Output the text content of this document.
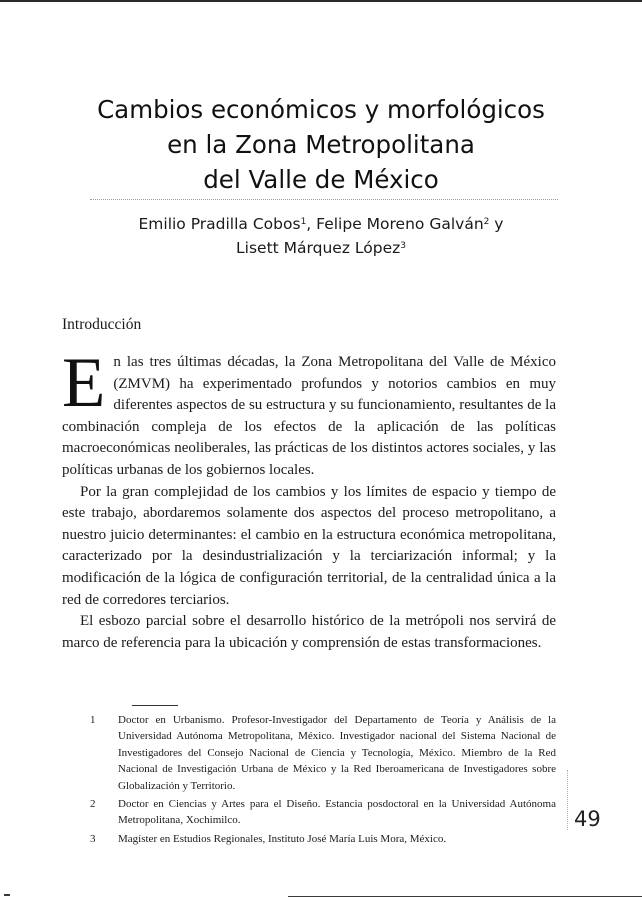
Cambios económicos y morfológicos
en la Zona Metropolitana
del Valle de México
Emilio Pradilla Cobos$^1$, Felipe Moreno Galván$^2$ y
Lisett Márquez López$^3$
Introducción

En las tres últimas décadas, la Zona Metropolitana del Valle de México (ZMVM) ha experimentado profundos y notorios cambios en muy diferentes aspectos de su estructura y su funcionamiento, resultantes de la combinación compleja de los efectos de la aplicación de las políticas macroeconómicas neoliberales, las prácticas de los distintos actores sociales, y las políticas urbanas de los gobiernos locales.

Por la gran complejidad de los cambios y los límites de espacio y tiempo de este trabajo, abordaremos solamente dos aspectos del proceso metropolitano, a nuestro juicio determinantes: el cambio en la estructura económica metropolitana, caracterizado por la desindustrialización y la terciarización informal; y la modificación de la lógica de configuración territorial, de la centralidad única a la red de corredores terciarios.

El esbozo parcial sobre el desarrollo histórico de la metrópoli nos servirá de marco de referencia para la ubicación y comprensión de estas transformaciones.

1 Doctor en Urbanismo. Profesor-Investigador del Departamento de Teoría y Análisis de la Universidad Autónoma Metropolitana, México. Investigador nacional del Sistema Nacional de Investigadores del Consejo Nacional de Ciencia y Tecnología, México. Miembro de la Red Nacional de Investigación Urbana de México y la Red Iberoamericana de Investigadores sobre Globalización y Territorio.
2 Doctor en Ciencias y Artes para el Diseño. Estancia posdoctoral en la Universidad Autónoma Metropolitana, Xochimilco.
3 Magíster en Estudios Regionales, Instituto José María Luis Mora, México.
49
